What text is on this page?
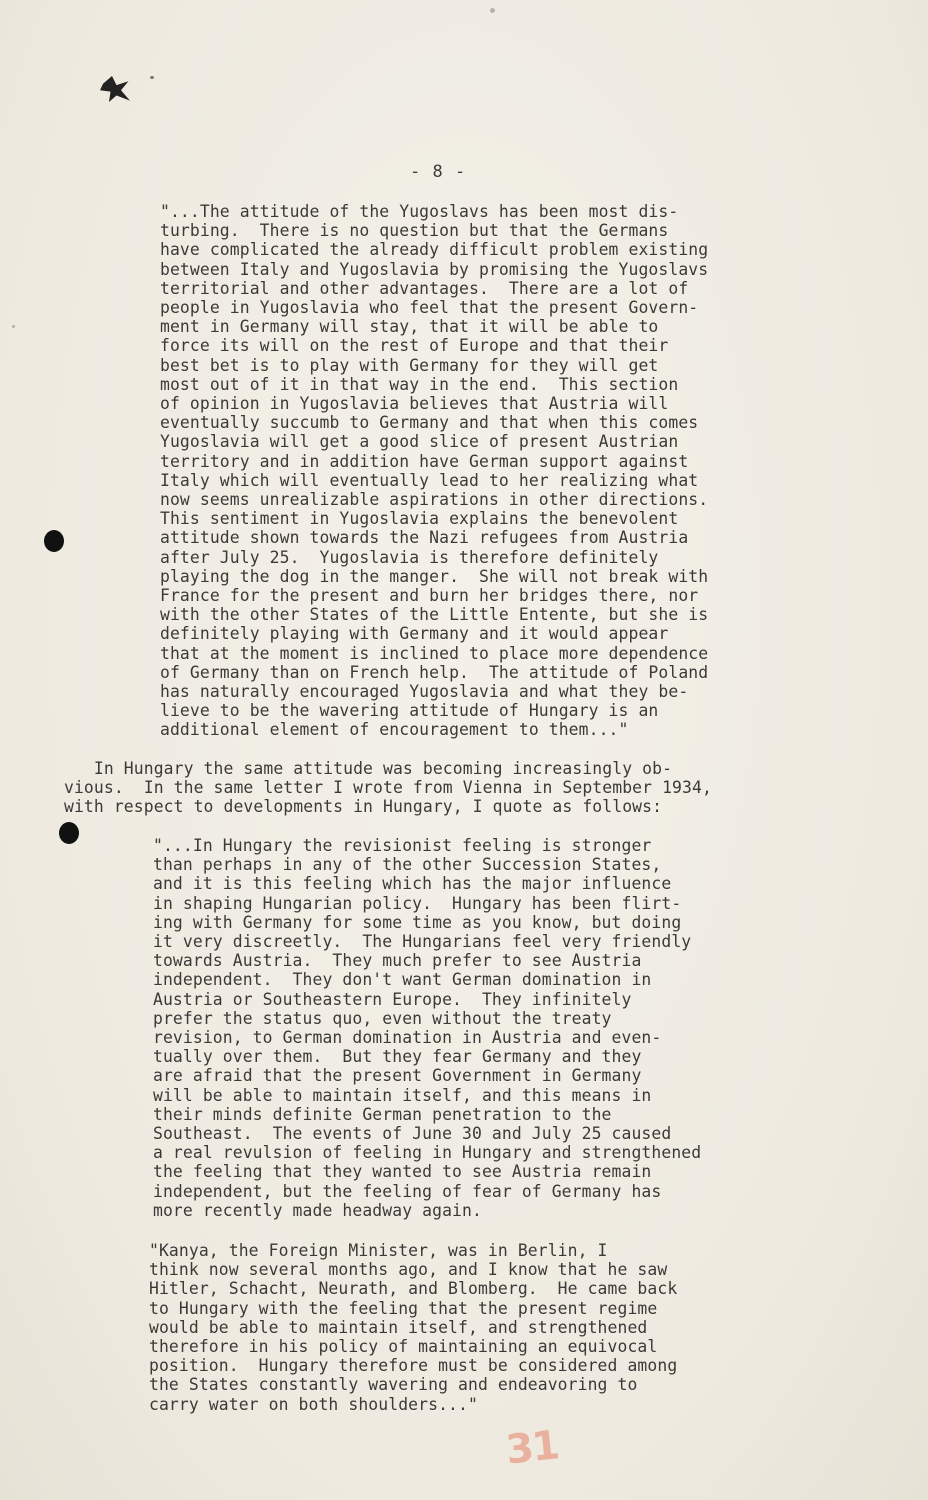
- 8 -
"...The attitude of the Yugoslavs has been most dis-
turbing.  There is no question but that the Germans
have complicated the already difficult problem existing
between Italy and Yugoslavia by promising the Yugoslavs
territorial and other advantages.  There are a lot of
people in Yugoslavia who feel that the present Govern-
ment in Germany will stay, that it will be able to
force its will on the rest of Europe and that their
best bet is to play with Germany for they will get
most out of it in that way in the end.  This section
of opinion in Yugoslavia believes that Austria will
eventually succumb to Germany and that when this comes
Yugoslavia will get a good slice of present Austrian
territory and in addition have German support against
Italy which will eventually lead to her realizing what
now seems unrealizable aspirations in other directions.
This sentiment in Yugoslavia explains the benevolent
attitude shown towards the Nazi refugees from Austria
after July 25.  Yugoslavia is therefore definitely
playing the dog in the manger.  She will not break with
France for the present and burn her bridges there, nor
with the other States of the Little Entente, but she is
definitely playing with Germany and it would appear
that at the moment is inclined to place more dependence
of Germany than on French help.  The attitude of Poland
has naturally encouraged Yugoslavia and what they be-
lieve to be the wavering attitude of Hungary is an
additional element of encouragement to them..."
In Hungary the same attitude was becoming increasingly ob-
vious.  In the same letter I wrote from Vienna in September 1934,
with respect to developments in Hungary, I quote as follows:
"...In Hungary the revisionist feeling is stronger
than perhaps in any of the other Succession States,
and it is this feeling which has the major influence
in shaping Hungarian policy.  Hungary has been flirt-
ing with Germany for some time as you know, but doing
it very discreetly.  The Hungarians feel very friendly
towards Austria.  They much prefer to see Austria
independent.  They don't want German domination in
Austria or Southeastern Europe.  They infinitely
prefer the status quo, even without the treaty
revision, to German domination in Austria and even-
tually over them.  But they fear Germany and they
are afraid that the present Government in Germany
will be able to maintain itself, and this means in
their minds definite German penetration to the
Southeast.  The events of June 30 and July 25 caused
a real revulsion of feeling in Hungary and strengthened
the feeling that they wanted to see Austria remain
independent, but the feeling of fear of Germany has
more recently made headway again.
"Kanya, the Foreign Minister, was in Berlin, I
think now several months ago, and I know that he saw
Hitler, Schacht, Neurath, and Blomberg.  He came back
to Hungary with the feeling that the present regime
would be able to maintain itself, and strengthened
therefore in his policy of maintaining an equivocal
position.  Hungary therefore must be considered among
the States constantly wavering and endeavoring to
carry water on both shoulders..."
31
